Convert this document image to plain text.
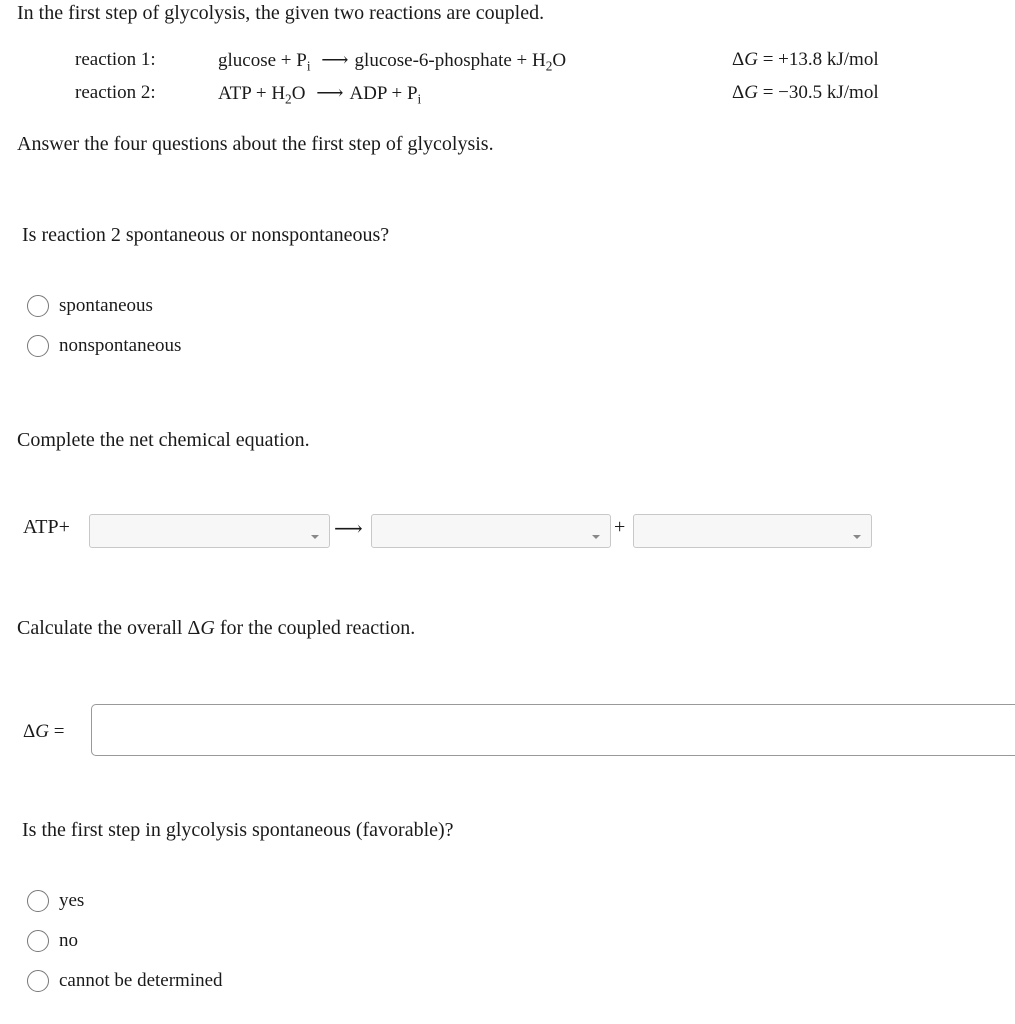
In the first step of glycolysis, the given two reactions are coupled.
reaction 1:	$glucose + P_i$ ⟶ glucose-6-phosphate + $H_2O$	ΔG = +13.8 kJ/mol
reaction 2:	ATP + $H_2O$ ⟶ ADP + $P_i$	ΔG = −30.5 kJ/mol
Answer the four questions about the first step of glycolysis.
Is reaction 2 spontaneous or nonspontaneous?
spontaneous
nonspontaneous
Complete the net chemical equation.
ATP+	⟶	+
Calculate the overall ΔG for the coupled reaction.
ΔG =
Is the first step in glycolysis spontaneous (favorable)?
yes
no
cannot be determined
